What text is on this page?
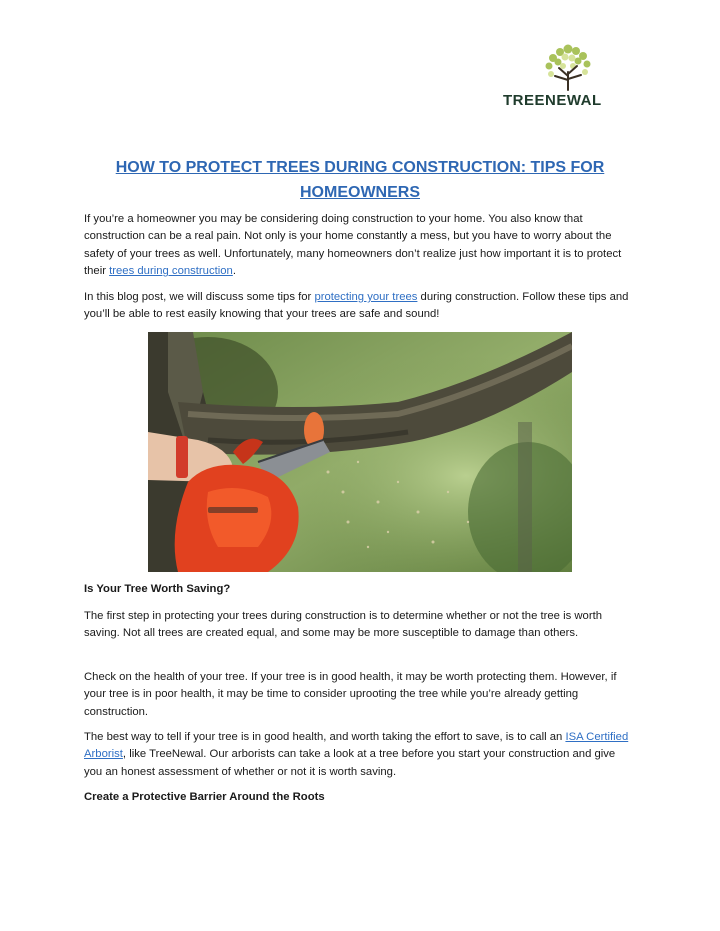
TREENEWAL
HOW TO PROTECT TREES DURING CONSTRUCTION: TIPS FOR HOMEOWNERS

If you’re a homeowner you may be considering doing construction to your home. You also know that construction can be a real pain. Not only is your home constantly a mess, but you have to worry about the safety of your trees as well. Unfortunately, many homeowners don’t realize just how important it is to protect their trees during construction.

In this blog post, we will discuss some tips for protecting your trees during construction. Follow these tips and you’ll be able to rest easily knowing that your trees are safe and sound!

Is Your Tree Worth Saving?

The first step in protecting your trees during construction is to determine whether or not the tree is worth saving. Not all trees are created equal, and some may be more susceptible to damage than others.

Check on the health of your tree. If your tree is in good health, it may be worth protecting them. However, if your tree is in poor health, it may be time to consider uprooting the tree while you’re already getting construction.

The best way to tell if your tree is in good health, and worth taking the effort to save, is to call an ISA Certified Arborist, like TreeNewal. Our arborists can take a look at a tree before you start your construction and give you an honest assessment of whether or not it is worth saving.

Create a Protective Barrier Around the Roots
